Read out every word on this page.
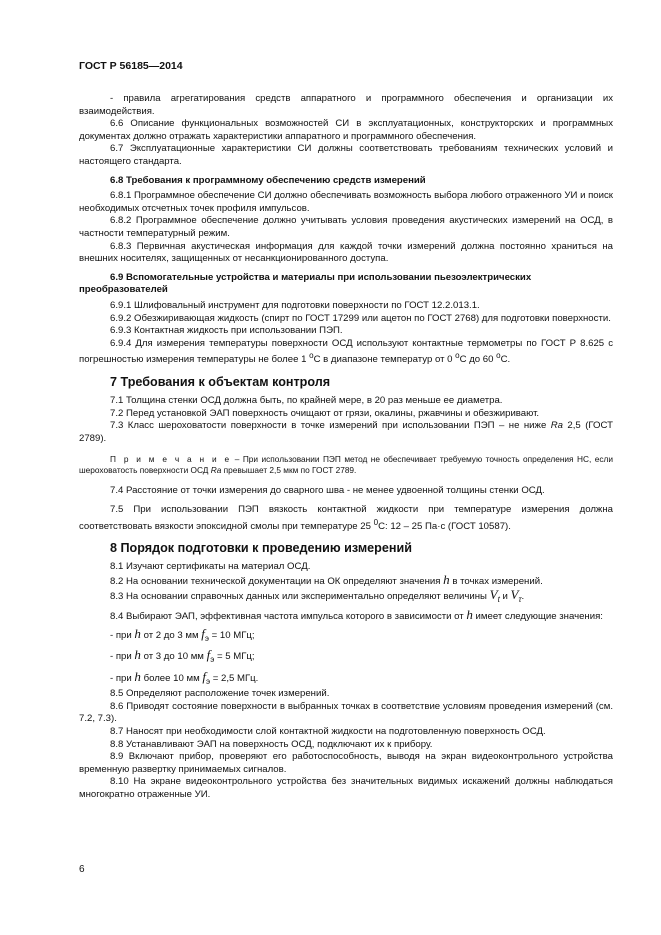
ГОСТ Р 56185—2014

- правила агрегатирования средств аппаратного и программного обеспечения и организации их взаимодействия.

6.6 Описание функциональных возможностей СИ в эксплуатационных, конструкторских и программных документах должно отражать характеристики аппаратного и программного обеспечения.

6.7 Эксплуатационные характеристики СИ должны соответствовать требованиям технических условий и настоящего стандарта.

6.8 Требования к программному обеспечению средств измерений

6.8.1 Программное обеспечение СИ должно обеспечивать возможность выбора любого отраженного УИ и поиск необходимых отсчетных точек профиля импульсов.

6.8.2 Программное обеспечение должно учитывать условия проведения акустических измерений на ОСД, в частности температурный режим.

6.8.3 Первичная акустическая информация для каждой точки измерений должна постоянно храниться на внешних носителях, защищенных от несанкционированного доступа.

6.9 Вспомогательные устройства и материалы при использовании пьезоэлектрических преобразователей

6.9.1 Шлифовальный инструмент для подготовки поверхности по ГОСТ 12.2.013.1.

6.9.2 Обезжиривающая жидкость (спирт по ГОСТ 17299 или ацетон по ГОСТ 2768) для подготовки поверхности.

6.9.3 Контактная жидкость при использовании ПЭП.

6.9.4 Для измерения температуры поверхности ОСД используют контактные термометры по ГОСТ Р 8.625 с погрешностью измерения температуры не более 1 $^o$С в диапазоне температур от 0 $^o$С до 60 $^o$С.

7 Требования к объектам контроля

7.1 Толщина стенки ОСД должна быть, по крайней мере, в 20 раз меньше ее диаметра.

7.2 Перед установкой ЭАП поверхность очищают от грязи, окалины, ржавчины и обезжиривают.

7.3 Класс шероховатости поверхности в точке измерений при использовании ПЭП – не ниже Ra 2,5 (ГОСТ 2789).

П р и м е ч а н и е – При использовании ПЭП метод не обеспечивает требуемую точность определения НС, если шероховатость поверхности ОСД Ra превышает 2,5 мкм по ГОСТ 2789.

7.4 Расстояние от точки измерения до сварного шва - не менее удвоенной толщины стенки ОСД.

7.5 При использовании ПЭП вязкость контактной жидкости при температуре измерения должна соответствовать вязкости эпоксидной смолы при температуре 25 $^0$С: 12 – 25 Па·с (ГОСТ 10587).

8 Порядок подготовки к проведению измерений

8.1 Изучают сертификаты на материал ОСД.

8.2 На основании технической документации на ОК определяют значения h в точках измерений.

8.3 На основании справочных данных или экспериментально определяют величины $V_t$ и $V_\tau$.

8.4 Выбирают ЭАП, эффективная частота импульса которого в зависимости от h имеет следующие значения:

- при h от 2 до 3 мм $f_э = 10$ МГц;

- при h от 3 до 10 мм $f_э = 5$ МГц;

- при h более 10 мм $f_э = 2,5$ МГц.

8.5 Определяют расположение точек измерений.

8.6 Приводят состояние поверхности в выбранных точках в соответствие условиям проведения измерений (см. 7.2, 7.3).

8.7 Наносят при необходимости слой контактной жидкости на подготовленную поверхность ОСД.

8.8 Устанавливают ЭАП на поверхность ОСД, подключают их к прибору.

8.9 Включают прибор, проверяют его работоспособность, выводя на экран видеоконтрольного устройства временную развертку принимаемых сигналов.

8.10 На экране видеоконтрольного устройства без значительных видимых искажений должны наблюдаться многократно отраженные УИ.

6
